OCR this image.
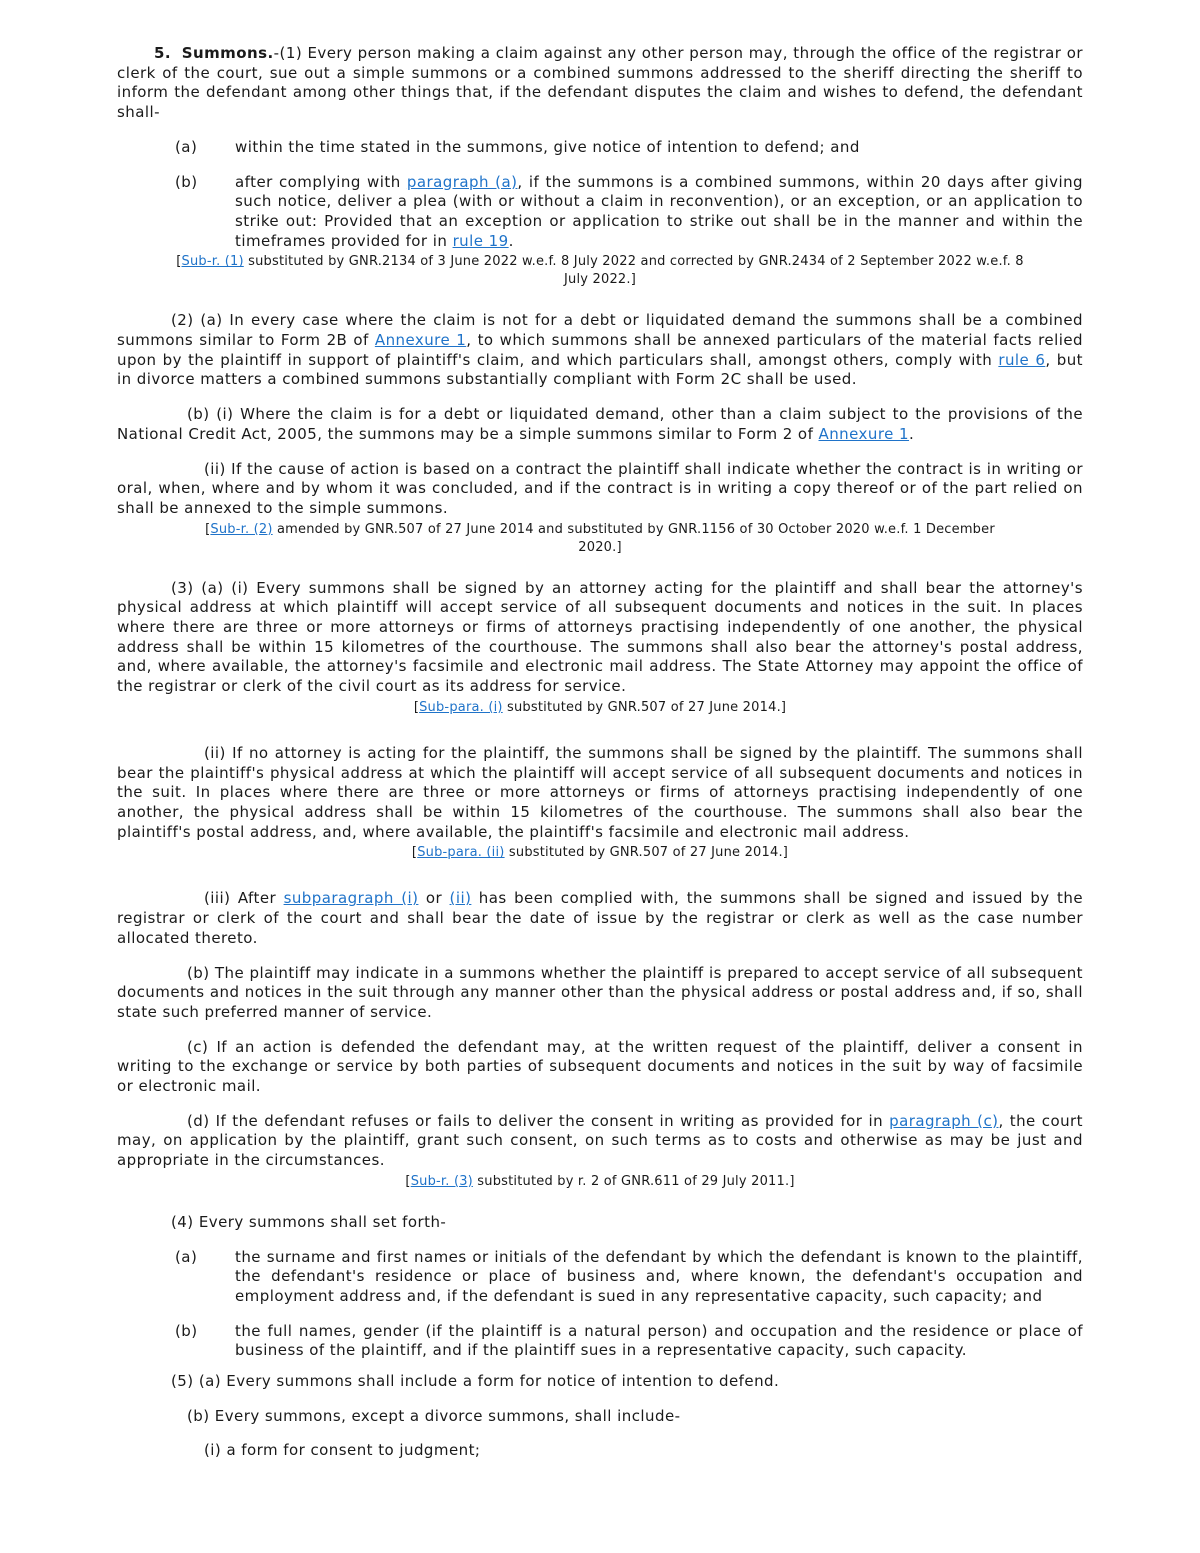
5. Summons.-(1) Every person making a claim against any other person may, through the office of the registrar or clerk of the court, sue out a simple summons or a combined summons addressed to the sheriff directing the sheriff to inform the defendant among other things that, if the defendant disputes the claim and wishes to defend, the defendant shall-

(a)	within the time stated in the summons, give notice of intention to defend; and
(b)	after complying with paragraph (a), if the summons is a combined summons, within 20 days after giving such notice, deliver a plea (with or without a claim in reconvention), or an exception, or an application to strike out: Provided that an exception or application to strike out shall be in the manner and within the timeframes provided for in rule 19.

[Sub-r. (1) substituted by GNR.2134 of 3 June 2022 w.e.f. 8 July 2022 and corrected by GNR.2434 of 2 September 2022 w.e.f. 8 July 2022.]

(2) (a) In every case where the claim is not for a debt or liquidated demand the summons shall be a combined summons similar to Form 2B of Annexure 1, to which summons shall be annexed particulars of the material facts relied upon by the plaintiff in support of plaintiff's claim, and which particulars shall, amongst others, comply with rule 6, but in divorce matters a combined summons substantially compliant with Form 2C shall be used.

(b) (i) Where the claim is for a debt or liquidated demand, other than a claim subject to the provisions of the National Credit Act, 2005, the summons may be a simple summons similar to Form 2 of Annexure 1.

(ii) If the cause of action is based on a contract the plaintiff shall indicate whether the contract is in writing or oral, when, where and by whom it was concluded, and if the contract is in writing a copy thereof or of the part relied on shall be annexed to the simple summons.

[Sub-r. (2) amended by GNR.507 of 27 June 2014 and substituted by GNR.1156 of 30 October 2020 w.e.f. 1 December 2020.]

(3) (a) (i) Every summons shall be signed by an attorney acting for the plaintiff and shall bear the attorney's physical address at which plaintiff will accept service of all subsequent documents and notices in the suit. In places where there are three or more attorneys or firms of attorneys practising independently of one another, the physical address shall be within 15 kilometres of the courthouse. The summons shall also bear the attorney's postal address, and, where available, the attorney's facsimile and electronic mail address. The State Attorney may appoint the office of the registrar or clerk of the civil court as its address for service.

[Sub-para. (i) substituted by GNR.507 of 27 June 2014.]

(ii) If no attorney is acting for the plaintiff, the summons shall be signed by the plaintiff. The summons shall bear the plaintiff's physical address at which the plaintiff will accept service of all subsequent documents and notices in the suit. In places where there are three or more attorneys or firms of attorneys practising independently of one another, the physical address shall be within 15 kilometres of the courthouse. The summons shall also bear the plaintiff's postal address, and, where available, the plaintiff's facsimile and electronic mail address.

[Sub-para. (ii) substituted by GNR.507 of 27 June 2014.]

(iii) After subparagraph (i) or (ii) has been complied with, the summons shall be signed and issued by the registrar or clerk of the court and shall bear the date of issue by the registrar or clerk as well as the case number allocated thereto.

(b) The plaintiff may indicate in a summons whether the plaintiff is prepared to accept service of all subsequent documents and notices in the suit through any manner other than the physical address or postal address and, if so, shall state such preferred manner of service.

(c) If an action is defended the defendant may, at the written request of the plaintiff, deliver a consent in writing to the exchange or service by both parties of subsequent documents and notices in the suit by way of facsimile or electronic mail.

(d) If the defendant refuses or fails to deliver the consent in writing as provided for in paragraph (c), the court may, on application by the plaintiff, grant such consent, on such terms as to costs and otherwise as may be just and appropriate in the circumstances.

[Sub-r. (3) substituted by r. 2 of GNR.611 of 29 July 2011.]

(4) Every summons shall set forth-

(a)	the surname and first names or initials of the defendant by which the defendant is known to the plaintiff, the defendant's residence or place of business and, where known, the defendant's occupation and employment address and, if the defendant is sued in any representative capacity, such capacity; and
(b)	the full names, gender (if the plaintiff is a natural person) and occupation and the residence or place of business of the plaintiff, and if the plaintiff sues in a representative capacity, such capacity.

(5) (a) Every summons shall include a form for notice of intention to defend.

(b) Every summons, except a divorce summons, shall include-

(i) a form for consent to judgment;
